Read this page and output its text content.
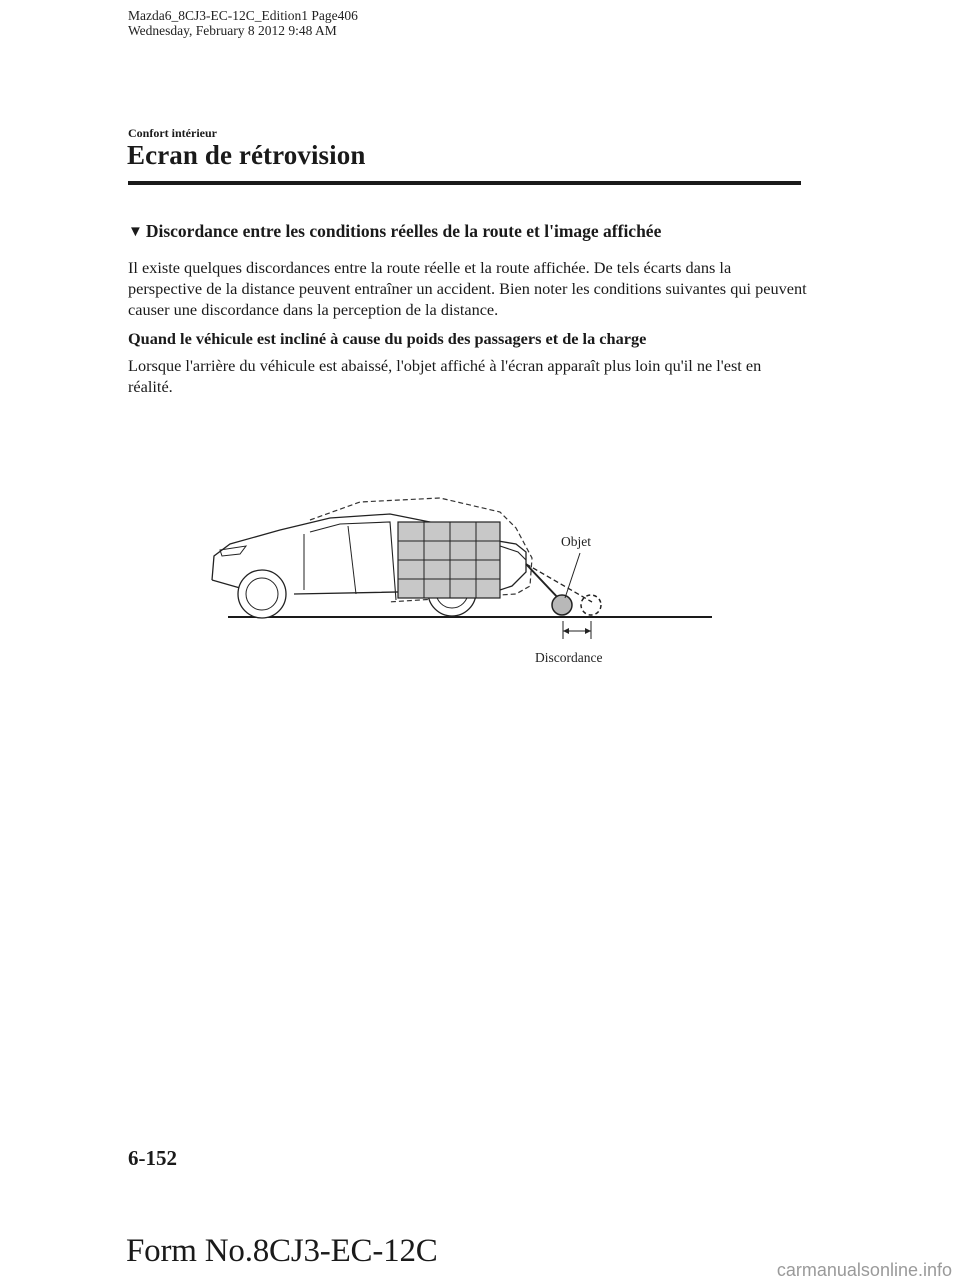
Mazda6_8CJ3-EC-12C_Edition1 Page406
Wednesday, February 8 2012 9:48 AM
Confort intérieur
Ecran de rétrovision
▼ Discordance entre les conditions réelles de la route et l'image affichée
Il existe quelques discordances entre la route réelle et la route affichée. De tels écarts dans la perspective de la distance peuvent entraîner un accident. Bien noter les conditions suivantes qui peuvent causer une discordance dans la perception de la distance.
Quand le véhicule est incliné à cause du poids des passagers et de la charge
Lorsque l'arrière du véhicule est abaissé, l'objet affiché à l'écran apparaît plus loin qu'il ne l'est en réalité.
Objet
Discordance
6-152
Form No.8CJ3-EC-12C
carmanualsonline.info
